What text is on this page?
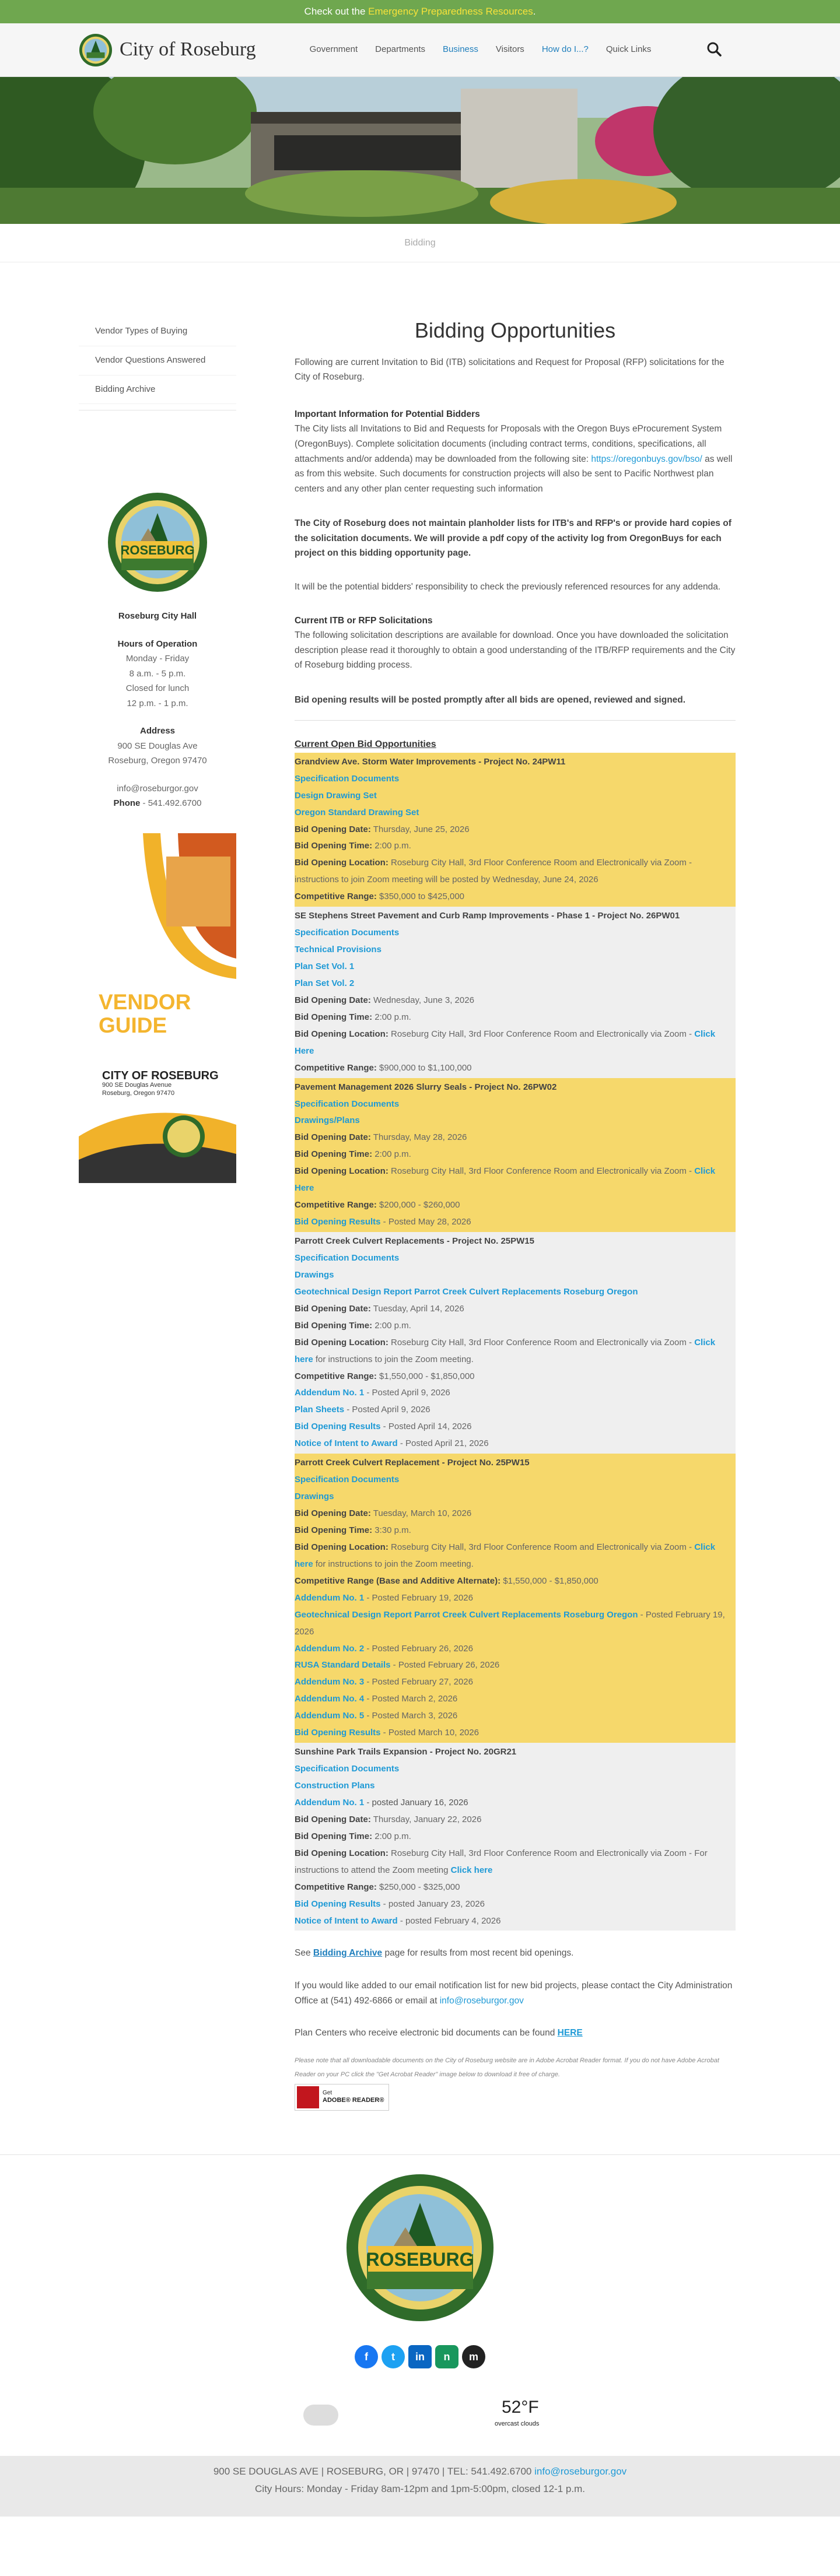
Check out the Emergency Preparedness Resources.
City of Roseburg	Government Departments Business Visitors How do I...? Quick Links
Bidding
Vendor Types of Buying
Vendor Questions Answered
Bidding Archive
ROSEBURG
Roseburg City Hall
Hours of Operation
Monday - Friday
8 a.m. - 5 p.m.
Closed for lunch
12 p.m. - 1 p.m.
Address
900 SE Douglas Ave
Roseburg, Oregon 97470
info@roseburgor.gov
Phone - 541.492.6700
VENDOR
GUIDE
CITY OF ROSEBURG
900 SE Douglas Avenue
Roseburg, Oregon 97470
Bidding Opportunities

Following are current Invitation to Bid (ITB) solicitations and Request for Proposal (RFP) solicitations for the City of Roseburg.

Important Information for Potential Bidders
The City lists all Invitations to Bid and Requests for Proposals with the Oregon Buys eProcurement System (OregonBuys). Complete solicitation documents (including contract terms, conditions, specifications, all attachments and/or addenda) may be downloaded from the following site: https://oregonbuys.gov/bso/ as well as from this website. Such documents for construction projects will also be sent to Pacific Northwest plan centers and any other plan center requesting such information

The City of Roseburg does not maintain planholder lists for ITB's and RFP's or provide hard copies of the solicitation documents. We will provide a pdf copy of the activity log from OregonBuys for each project on this bidding opportunity page.

It will be the potential bidders' responsibility to check the previously referenced resources for any addenda.

Current ITB or RFP Solicitations
The following solicitation descriptions are available for download. Once you have downloaded the solicitation description please read it thoroughly to obtain a good understanding of the ITB/RFP requirements and the City of Roseburg bidding process.

Bid opening results will be posted promptly after all bids are opened, reviewed and signed.

Current Open Bid Opportunities
Grandview Ave. Storm Water Improvements - Project No. 24PW11
Specification Documents
Design Drawing Set
Oregon Standard Drawing Set
Bid Opening Date: Thursday, June 25, 2026
Bid Opening Time: 2:00 p.m.
Bid Opening Location: Roseburg City Hall, 3rd Floor Conference Room and Electronically via Zoom - instructions to join Zoom meeting will be posted by Wednesday, June 24, 2026
Competitive Range: $350,000 to $425,000
SE Stephens Street Pavement and Curb Ramp Improvements - Phase 1 - Project No. 26PW01
Specification Documents
Technical Provisions
Plan Set Vol. 1
Plan Set Vol. 2
Bid Opening Date: Wednesday, June 3, 2026
Bid Opening Time: 2:00 p.m.
Bid Opening Location: Roseburg City Hall, 3rd Floor Conference Room and Electronically via Zoom - Click Here
Competitive Range: $900,000 to $1,100,000
Pavement Management 2026 Slurry Seals - Project No. 26PW02
Specification Documents
Drawings/Plans
Bid Opening Date: Thursday, May 28, 2026
Bid Opening Time: 2:00 p.m.
Bid Opening Location: Roseburg City Hall, 3rd Floor Conference Room and Electronically via Zoom - Click Here
Competitive Range: $200,000 - $260,000
Bid Opening Results - Posted May 28, 2026
Parrott Creek Culvert Replacements - Project No. 25PW15
Specification Documents
Drawings
Geotechnical Design Report Parrot Creek Culvert Replacements Roseburg Oregon
Bid Opening Date: Tuesday, April 14, 2026
Bid Opening Time: 2:00 p.m.
Bid Opening Location: Roseburg City Hall, 3rd Floor Conference Room and Electronically via Zoom - Click here for instructions to join the Zoom meeting.
Competitive Range: $1,550,000 - $1,850,000
Addendum No. 1 - Posted April 9, 2026
Plan Sheets - Posted April 9, 2026
Bid Opening Results - Posted April 14, 2026
Notice of Intent to Award - Posted April 21, 2026
Parrott Creek Culvert Replacement - Project No. 25PW15
Specification Documents
Drawings
Bid Opening Date: Tuesday, March 10, 2026
Bid Opening Time: 3:30 p.m.
Bid Opening Location: Roseburg City Hall, 3rd Floor Conference Room and Electronically via Zoom - Click here for instructions to join the Zoom meeting.
Competitive Range (Base and Additive Alternate): $1,550,000 - $1,850,000
Addendum No. 1 - Posted February 19, 2026
Geotechnical Design Report Parrot Creek Culvert Replacements Roseburg Oregon - Posted February 19, 2026
Addendum No. 2 - Posted February 26, 2026
RUSA Standard Details - Posted February 26, 2026
Addendum No. 3 - Posted February 27, 2026
Addendum No. 4 - Posted March 2, 2026
Addendum No. 5 - Posted March 3, 2026
Bid Opening Results - Posted March 10, 2026
Sunshine Park Trails Expansion - Project No. 20GR21
Specification Documents
Construction Plans
Addendum No. 1 - posted January 16, 2026
Bid Opening Date: Thursday, January 22, 2026
Bid Opening Time: 2:00 p.m.
Bid Opening Location: Roseburg City Hall, 3rd Floor Conference Room and Electronically via Zoom - For instructions to attend the Zoom meeting Click here
Competitive Range: $250,000 - $325,000
Bid Opening Results - posted January 23, 2026
Notice of Intent to Award - posted February 4, 2026

See Bidding Archive page for results from most recent bid openings.

If you would like added to our email notification list for new bid projects, please contact the City Administration Office at (541) 492-6866 or email at info@roseburgor.gov

Plan Centers who receive electronic bid documents can be found HERE

Please note that all downloadable documents on the City of Roseburg website are in Adobe Acrobat Reader format. If you do not have Adobe Acrobat Reader on your PC click the "Get Acrobat Reader" image below to download it free of charge.

Get
ADOBE® READER®
ROSEBURG
f	t	in	n	m
52°F
overcast clouds
900 SE DOUGLAS AVE | ROSEBURG, OR | 97470 | TEL: 541.492.6700 info@roseburgor.gov
City Hours: Monday - Friday 8am-12pm and 1pm-5:00pm, closed 12-1 p.m.
